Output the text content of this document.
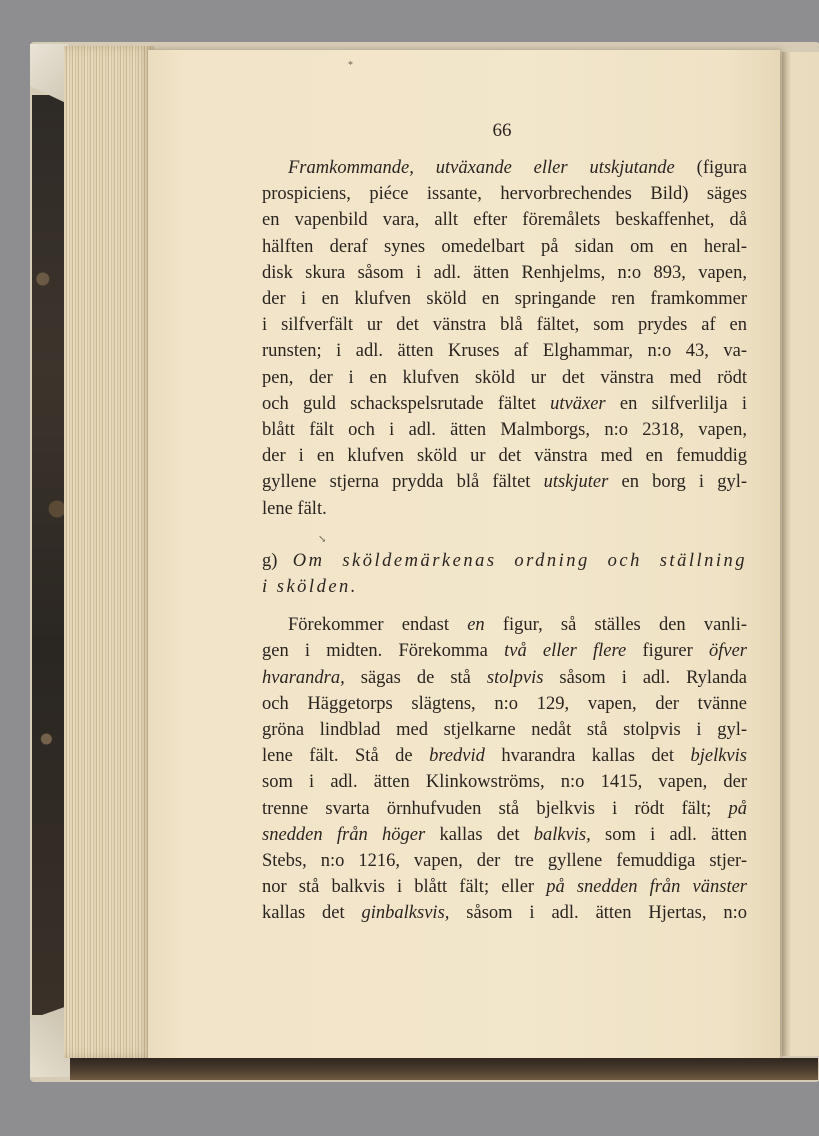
*
↘
66
Framkommande, utväxande eller utskjutande (figura
prospiciens, piéce issante, hervorbrechendes Bild) säges
en vapenbild vara, allt efter föremålets beskaffenhet, då
hälften deraf synes omedelbart på sidan om en heral-
disk skura såsom i adl. ätten Renhjelms, n:o 893, vapen,
der i en klufven sköld en springande ren framkommer
i silfverfält ur det vänstra blå fältet, som prydes af en
runsten; i adl. ätten Kruses af Elghammar, n:o 43, va-
pen, der i en klufven sköld ur det vänstra med rödt
och guld schackspelsrutade fältet utväxer en silfverlilja i
blått fält och i adl. ätten Malmborgs, n:o 2318, vapen,
der i en klufven sköld ur det vänstra med en femuddig
gyllene stjerna prydda blå fältet utskjuter en borg i gyl-
lene fält.
g) Om sköldemärkenas ordning och ställning
i skölden.
Förekommer endast en figur, så ställes den vanli-
gen i midten. Förekomma två eller flere figurer öfver
hvarandra, sägas de stå stolpvis såsom i adl. Rylanda
och Häggetorps slägtens, n:o 129, vapen, der tvänne
gröna lindblad med stjelkarne nedåt stå stolpvis i gyl-
lene fält. Stå de bredvid hvarandra kallas det bjelkvis
som i adl. ätten Klinkowströms, n:o 1415, vapen, der
trenne svarta örnhufvuden stå bjelkvis i rödt fält; på
snedden från höger kallas det balkvis, som i adl. ätten
Stebs, n:o 1216, vapen, der tre gyllene femuddiga stjer-
nor stå balkvis i blått fält; eller på snedden från vänster
kallas det ginbalksvis, såsom i adl. ätten Hjertas, n:o
